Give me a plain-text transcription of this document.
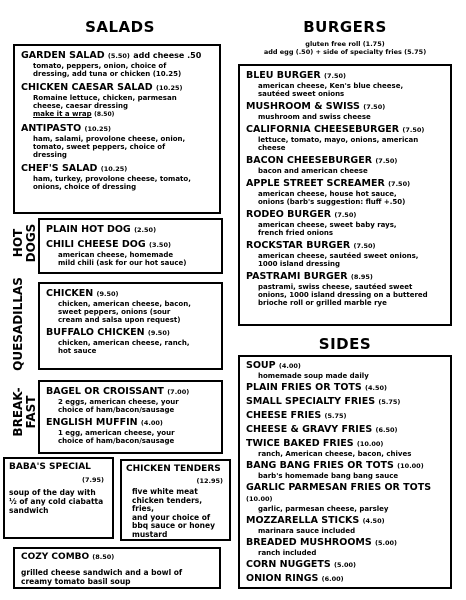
SALADS	BURGERS
gluten free roll (1.75)
add egg (.50) + side of specialty fries (5.75)
SIDES
GARDEN SALAD (5.50) add cheese .50
tomato, peppers, onion, choice of
dressing, add tuna or chicken (10.25)
CHICKEN CAESAR SALAD (10.25)
Romaine lettuce, chicken, parmesan
cheese, caesar dressing
make it a wrap (8.50)
ANTIPASTO (10.25)
ham, salami, provolone cheese, onion,
tomato, sweet peppers, choice of
dressing
CHEF'S SALAD (10.25)
ham, turkey, provolone cheese, tomato,
onions, choice of dressing
BLEU BURGER (7.50)
american cheese, Ken's blue cheese,
sautéed sweet onions
MUSHROOM & SWISS (7.50)
mushroom and swiss cheese
CALIFORNIA CHEESEBURGER (7.50)
lettuce, tomato, mayo, onions, american
cheese
BACON CHEESEBURGER (7.50)
bacon and american cheese
APPLE STREET SCREAMER (7.50)
american cheese, house hot sauce,
onions (barb's suggestion: fluff +.50)
RODEO BURGER (7.50)
american cheese, sweet baby rays,
french fried onions
ROCKSTAR BURGER (7.50)
american cheese, sautéed sweet onions,
1000 island dressing
PASTRAMI BURGER (8.95)
pastrami, swiss cheese, sautéed sweet
onions, 1000 island dressing on a buttered
brioche roll or grilled marble rye
HOT DOGS PLAIN HOT DOG (2.50)
CHILI CHEESE DOG (3.50)
american cheese, homemade
mild chili (ask for our hot sauce)
QUESADILLAS	CHICKEN (9.50)
chicken, american cheese, bacon,
sweet peppers, onions (sour
cream and salsa upon request)
BUFFALO CHICKEN (9.50)
chicken, american cheese, ranch,
hot sauce
BREAK- FAST
BAGEL OR CROISSANT (7.00)
2 eggs, american cheese, your
choice of ham/bacon/sausage
ENGLISH MUFFIN (4.00)
1 egg, american cheese, your
choice of ham/bacon/sausage
BABA'S SPECIAL
(7.95)
soup of the day with
½ of any cold ciabatta
sandwich
CHICKEN TENDERS
(12.95)
five white meat
chicken tenders, fries,
and your choice of
bbq sauce or honey
mustard
COZY COMBO (8.50)
grilled cheese sandwich and a bowl of
creamy tomato basil soup
SOUP (4.00)
homemade soup made daily
PLAIN FRIES OR TOTS (4.50)
SMALL SPECIALTY FRIES (5.75)
CHEESE FRIES (5.75)
CHEESE & GRAVY FRIES (6.50)
TWICE BAKED FRIES (10.00)
ranch, American cheese, bacon, chives
BANG BANG FRIES OR TOTS (10.00)
barb's homemade bang bang sauce
GARLIC PARMESAN FRIES OR TOTS (10.00)
garlic, parmesan cheese, parsley
MOZZARELLA STICKS (4.50)
marinara sauce included
BREADED MUSHROOMS (5.00)
ranch included
CORN NUGGETS (5.00)
ONION RINGS (6.00)
